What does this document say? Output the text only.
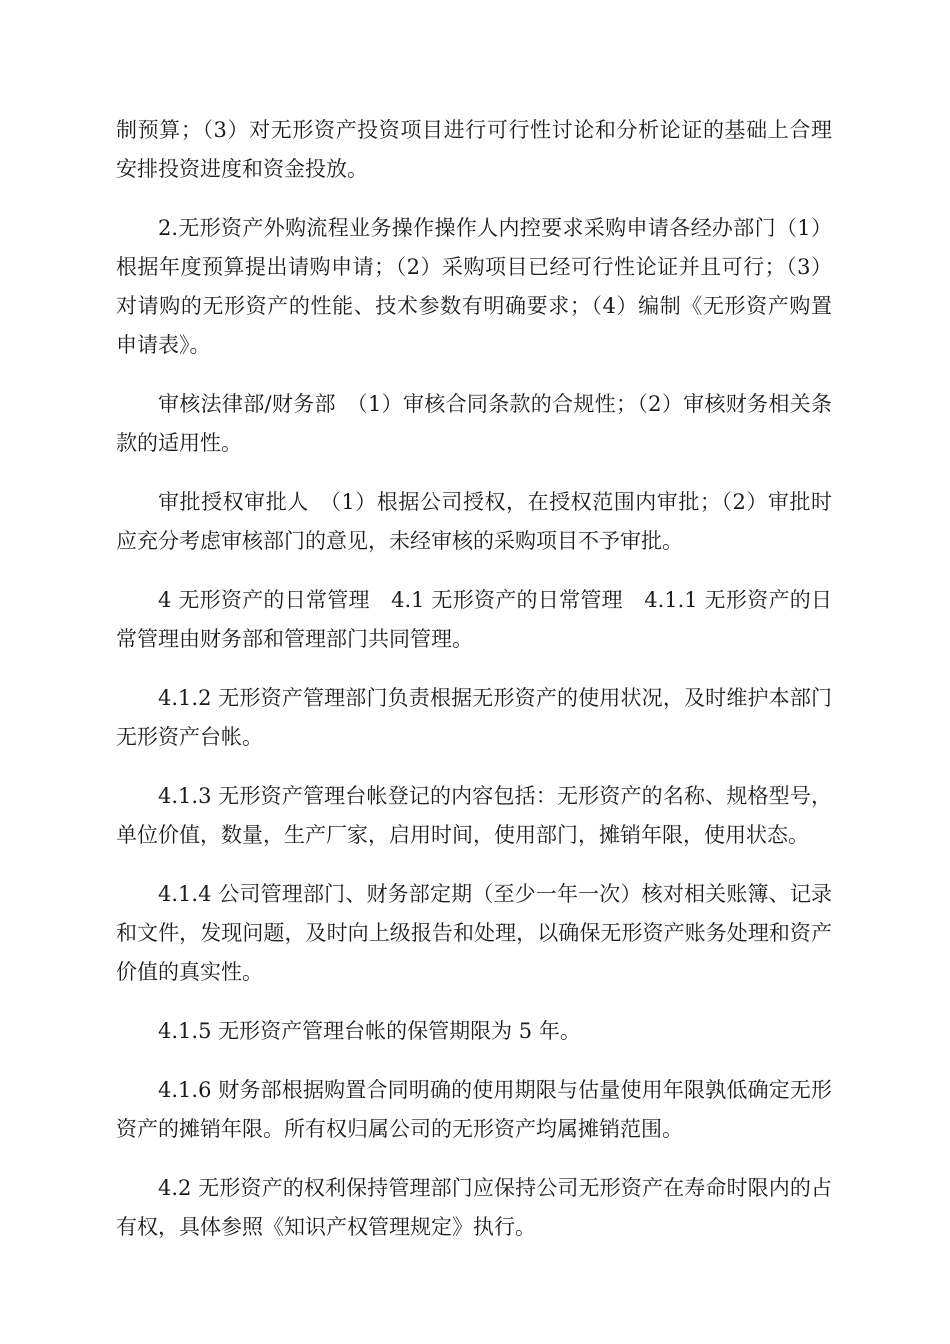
制预算；（3）对无形资产投资项目进行可行性讨论和分析论证的基础上合理安排投资进度和资金投放。

2.无形资产外购流程业务操作操作人内控要求采购申请各经办部门（1）根据年度预算提出请购申请；（2）采购项目已经可行性论证并且可行；（3）对请购的无形资产的性能、技术参数有明确要求；（4）编制《无形资产购置申请表》。

审核法律部/财务部　（1）审核合同条款的合规性；（2）审核财务相关条款的适用性。

审批授权审批人　（1）根据公司授权，在授权范围内审批；（2）审批时应充分考虑审核部门的意见，未经审核的采购项目不予审批。

4 无形资产的日常管理　4.1 无形资产的日常管理　4.1.1 无形资产的日常管理由财务部和管理部门共同管理。

4.1.2 无形资产管理部门负责根据无形资产的使用状况，及时维护本部门无形资产台帐。

4.1.3 无形资产管理台帐登记的内容包括：无形资产的名称、规格型号，单位价值，数量，生产厂家，启用时间，使用部门，摊销年限，使用状态。

4.1.4 公司管理部门、财务部定期（至少一年一次）核对相关账簿、记录和文件，发现问题，及时向上级报告和处理，以确保无形资产账务处理和资产价值的真实性。

4.1.5 无形资产管理台帐的保管期限为 5 年。

4.1.6 财务部根据购置合同明确的使用期限与估量使用年限孰低确定无形资产的摊销年限。所有权归属公司的无形资产均属摊销范围。

4.2 无形资产的权利保持管理部门应保持公司无形资产在寿命时限内的占有权，具体参照《知识产权管理规定》执行。
